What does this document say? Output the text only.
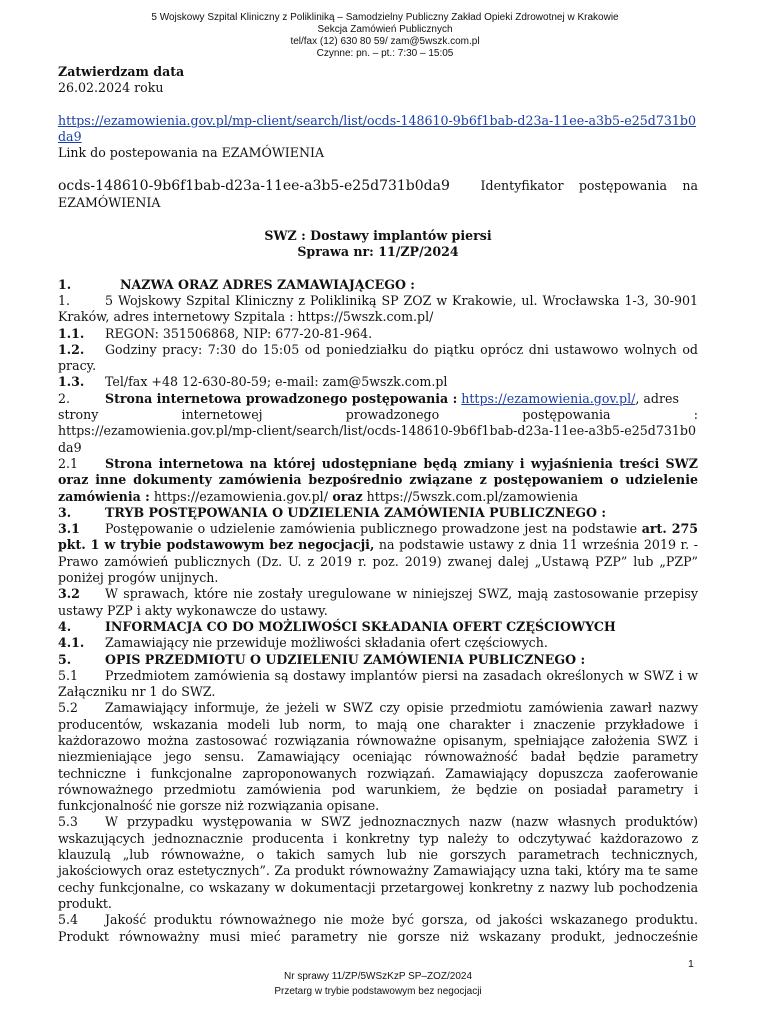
5 Wojskowy Szpital Kliniczny z Polikliniką – Samodzielny Publiczny Zakład Opieki Zdrowotnej w Krakowie
Sekcja Zamówień Publicznych
tel/fax (12) 630 80 59/ zam@5wszk.com.pl
Czynne: pn. – pt.: 7:30 – 15:05

Zatwierdzam data

26.02.2024 roku

https://ezamowienia.gov.pl/mp-client/search/list/ocds-148610-9b6f1bab-d23a-11ee-a3b5-e25d731b0da9

Link do postepowania na EZAMÓWIENIA

ocds-148610-9b6f1bab-d23a-11ee-a3b5-e25d731b0da9 Identyfikator postępowania na EZAMÓWIENIA

SWZ : Dostawy implantów piersi

Sprawa nr: 11/ZP/2024

1.	NAZWA ORAZ ADRES ZAMAWIAJĄCEGO :

1.	5 Wojskowy Szpital Kliniczny z Polikliniką SP ZOZ w Krakowie, ul. Wrocławska 1-3, 30-901 Kraków, adres internetowy Szpitala : https://5wszk.com.pl/

1.1. REGON: 351506868, NIP: 677-20-81-964.

1.2. Godziny pracy: 7:30 do 15:05 od poniedziałku do piątku oprócz dni ustawowo wolnych od pracy.

1.3. Tel/fax +48 12-630-80-59; e-mail: zam@5wszk.com.pl

2.	Strona internetowa prowadzonego postępowania : https://ezamowienia.gov.pl/, adres

strony internetowej prowadzonego postępowania :

https://ezamowienia.gov.pl/mp-client/search/list/ocds-148610-9b6f1bab-d23a-11ee-a3b5-e25d731b0da9

2.1 Strona internetowa na której udostępniane będą zmiany i wyjaśnienia treści SWZ oraz inne dokumenty zamówienia bezpośrednio związane z postępowaniem o udzielenie zamówienia : https://ezamowienia.gov.pl/ oraz https://5wszk.com.pl/zamowienia

3.	TRYB POSTĘPOWANIA O UDZIELENIA ZAMÓWIENIA PUBLICZNEGO :

3.1 Postępowanie o udzielenie zamówienia publicznego prowadzone jest na podstawie art. 275 pkt. 1 w trybie podstawowym bez negocjacji, na podstawie ustawy z dnia 11 września 2019 r. - Prawo zamówień publicznych (Dz. U. z 2019 r. poz. 2019) zwanej dalej „Ustawą PZP” lub „PZP” poniżej progów unijnych.

3.2 W sprawach, które nie zostały uregulowane w niniejszej SWZ, mają zastosowanie przepisy ustawy PZP i akty wykonawcze do ustawy.

4.	INFORMACJA CO DO MOŻLIWOŚCI SKŁADANIA OFERT CZĘŚCIOWYCH

4.1. Zamawiający nie przewiduje możliwości składania ofert częściowych.

5.	OPIS PRZEDMIOTU O UDZIELENIU ZAMÓWIENIA PUBLICZNEGO :

5.1 Przedmiotem zamówienia są dostawy implantów piersi na zasadach określonych w SWZ i w Załączniku nr 1 do SWZ.

5.2 Zamawiający informuje, że jeżeli w SWZ czy opisie przedmiotu zamówienia zawarł nazwy producentów, wskazania modeli lub norm, to mają one charakter i znaczenie przykładowe i każdorazowo można zastosować rozwiązania równoważne opisanym, spełniające założenia SWZ i niezmieniające jego sensu. Zamawiający oceniając równoważność badał będzie parametry techniczne i funkcjonalne zaproponowanych rozwiązań. Zamawiający dopuszcza zaoferowanie równoważnego przedmiotu zamówienia pod warunkiem, że będzie on posiadał parametry i funkcjonalność nie gorsze niż rozwiązania opisane.

5.3 W przypadku występowania w SWZ jednoznacznych nazw (nazw własnych produktów) wskazujących jednoznacznie producenta i konkretny typ należy to odczytywać każdorazowo z klauzulą „lub równoważne, o takich samych lub nie gorszych parametrach technicznych, jakościowych oraz estetycznych”. Za produkt równoważny Zamawiający uzna taki, który ma te same cechy funkcjonalne, co wskazany w dokumentacji przetargowej konkretny z nazwy lub pochodzenia produkt.

5.4 Jakość produktu równoważnego nie może być gorsza, od jakości wskazanego produktu. Produkt równoważny musi mieć parametry nie gorsze niż wskazany produkt, jednocześnie

1
Nr sprawy 11/ZP/5WSzKzP SP–ZOZ/2024
Przetarg w trybie podstawowym bez negocjacji
